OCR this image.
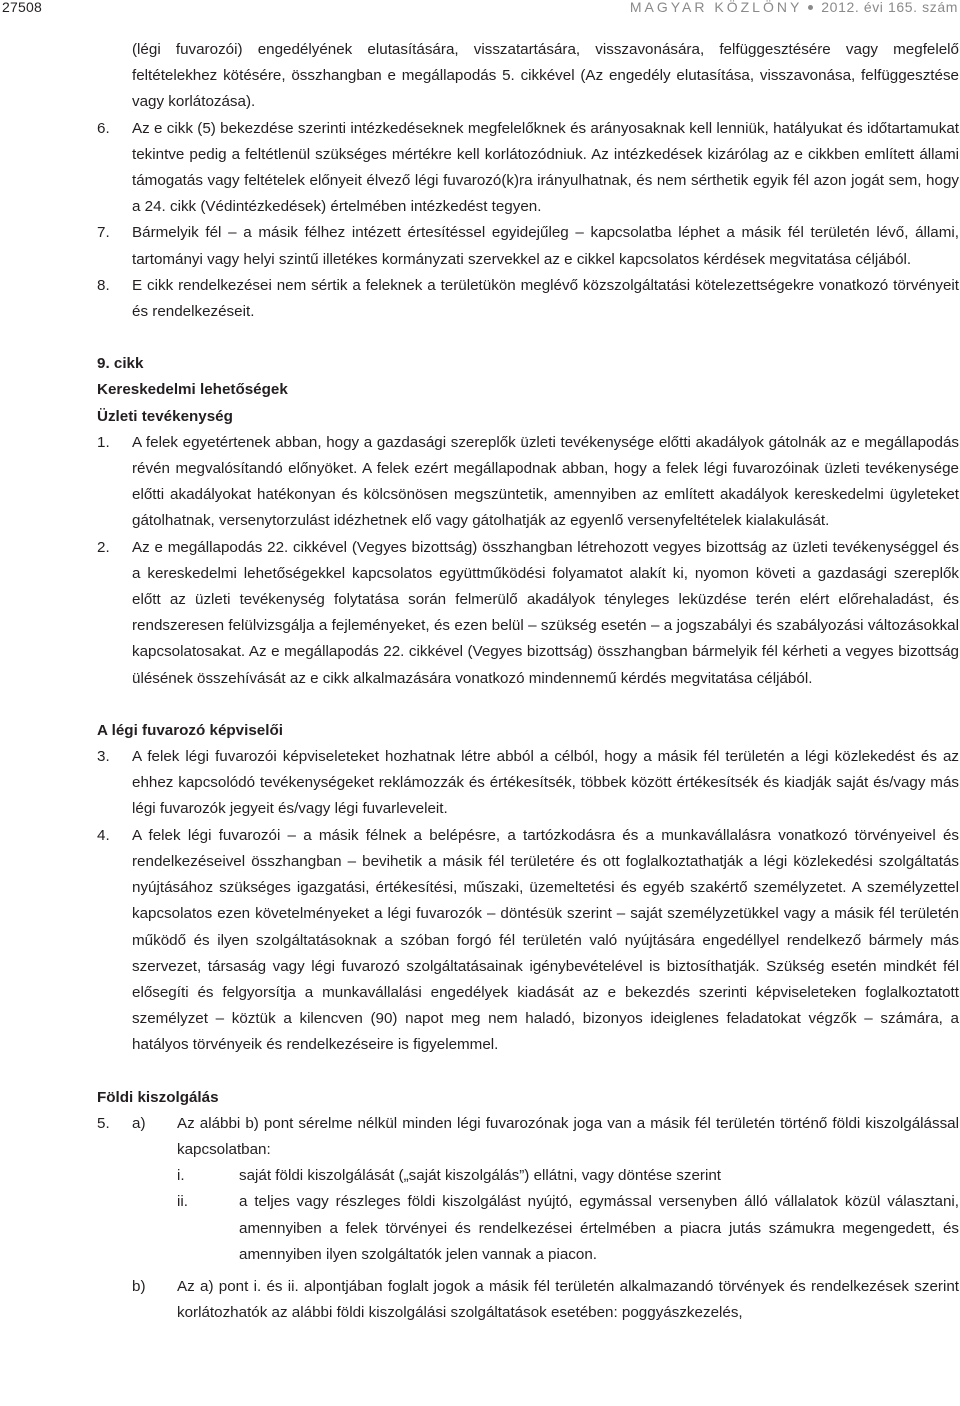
27508	MAGYAR KÖZLÖNY 2012. évi 165. szám
(légi fuvarozói) engedélyének elutasítására, visszatartására, visszavonására, felfüggesztésére vagy megfelelő feltételekhez kötésére, összhangban e megállapodás 5. cikkével (Az engedély elutasítása, visszavonása, felfüggesztése vagy korlátozása).
6. Az e cikk (5) bekezdése szerinti intézkedéseknek megfelelőknek és arányosaknak kell lenniük, hatályukat és időtartamukat tekintve pedig a feltétlenül szükséges mértékre kell korlátozódniuk. Az intézkedések kizárólag az e cikkben említett állami támogatás vagy feltételek előnyeit élvező légi fuvarozó(k)ra irányulhatnak, és nem sérthetik egyik fél azon jogát sem, hogy a 24. cikk (Védintézkedések) értelmében intézkedést tegyen.
7. Bármelyik fél – a másik félhez intézett értesítéssel egyidejűleg – kapcsolatba léphet a másik fél területén lévő, állami, tartományi vagy helyi szintű illetékes kormányzati szervekkel az e cikkel kapcsolatos kérdések megvitatása céljából.
8. E cikk rendelkezései nem sértik a feleknek a területükön meglévő közszolgáltatási kötelezettségekre vonatkozó törvényeit és rendelkezéseit.
9. cikk
Kereskedelmi lehetőségek
Üzleti tevékenység
1. A felek egyetértenek abban, hogy a gazdasági szereplők üzleti tevékenysége előtti akadályok gátolnák az e megállapodás révén megvalósítandó előnyöket. A felek ezért megállapodnak abban, hogy a felek légi fuvarozóinak üzleti tevékenysége előtti akadályokat hatékonyan és kölcsönösen megszüntetik, amennyiben az említett akadályok kereskedelmi ügyleteket gátolhatnak, versenytorzulást idézhetnek elő vagy gátolhatják az egyenlő versenyfeltételek kialakulását.
2. Az e megállapodás 22. cikkével (Vegyes bizottság) összhangban létrehozott vegyes bizottság az üzleti tevékenységgel és a kereskedelmi lehetőségekkel kapcsolatos együttműködési folyamatot alakít ki, nyomon követi a gazdasági szereplők előtt az üzleti tevékenység folytatása során felmerülő akadályok tényleges leküzdése terén elért előrehaladást, és rendszeresen felülvizsgálja a fejleményeket, és ezen belül – szükség esetén – a jogszabályi és szabályozási változásokkal kapcsolatosakat. Az e megállapodás 22. cikkével (Vegyes bizottság) összhangban bármelyik fél kérheti a vegyes bizottság ülésének összehívását az e cikk alkalmazására vonatkozó mindennemű kérdés megvitatása céljából.
A légi fuvarozó képviselői
3. A felek légi fuvarozói képviseleteket hozhatnak létre abból a célból, hogy a másik fél területén a légi közlekedést és az ehhez kapcsolódó tevékenységeket reklámozzák és értékesítsék, többek között értékesítsék és kiadják saját és/vagy más légi fuvarozók jegyeit és/vagy légi fuvarleveleit.
4. A felek légi fuvarozói – a másik félnek a belépésre, a tartózkodásra és a munkavállalásra vonatkozó törvényeivel és rendelkezéseivel összhangban – bevihetik a másik fél területére és ott foglalkoztathatják a légi közlekedési szolgáltatás nyújtásához szükséges igazgatási, értékesítési, műszaki, üzemeltetési és egyéb szakértő személyzetet. A személyzettel kapcsolatos ezen követelményeket a légi fuvarozók – döntésük szerint – saját személyzetükkel vagy a másik fél területén működő és ilyen szolgáltatásoknak a szóban forgó fél területén való nyújtására engedéllyel rendelkező bármely más szervezet, társaság vagy légi fuvarozó szolgáltatásainak igénybevételével is biztosíthatják. Szükség esetén mindkét fél elősegíti és felgyorsítja a munkavállalási engedélyek kiadását az e bekezdés szerinti képviseleteken foglalkoztatott személyzet – köztük a kilencven (90) napot meg nem haladó, bizonyos ideiglenes feladatokat végzők – számára, a hatályos törvényeik és rendelkezéseire is figyelemmel.
Földi kiszolgálás
5. a) Az alábbi b) pont sérelme nélkül minden légi fuvarozónak joga van a másik fél területén történő földi kiszolgálással kapcsolatban:
i.	saját földi kiszolgálását („saját kiszolgálás”) ellátni, vagy döntése szerint
ii.	a teljes vagy részleges földi kiszolgálást nyújtó, egymással versenyben álló vállalatok közül választani, amennyiben a felek törvényei és rendelkezései értelmében a piacra jutás számukra megengedett, és amennyiben ilyen szolgáltatók jelen vannak a piacon.
b) Az a) pont i. és ii. alpontjában foglalt jogok a másik fél területén alkalmazandó törvények és rendelkezések szerint korlátozhatók az alábbi földi kiszolgálási szolgáltatások esetében: poggyászkezelés,
